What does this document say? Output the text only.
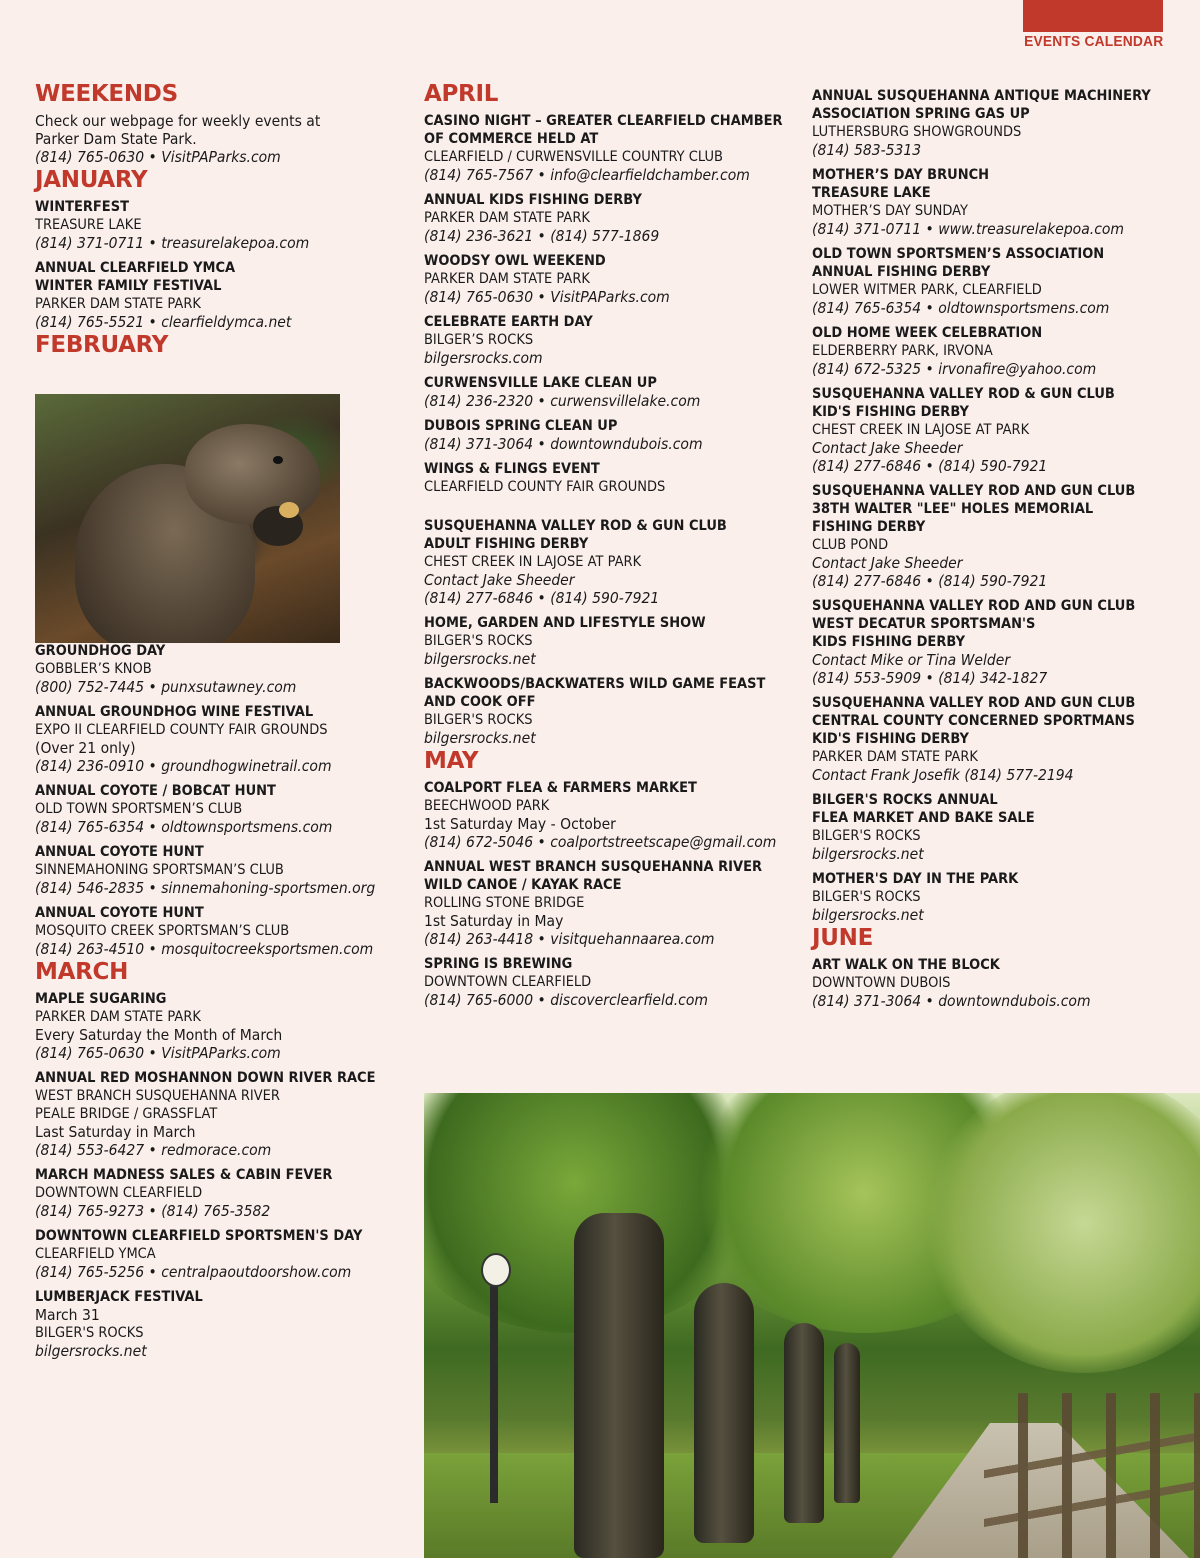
EVENTS CALENDAR
WEEKENDS
Check our webpage for weekly events at
Parker Dam State Park.
(814) 765-0630 • VisitPAParks.com
JANUARY
WINTERFEST
TREASURE LAKE
(814) 371-0711 • treasurelakepoa.com
ANNUAL CLEARFIELD YMCA
WINTER FAMILY FESTIVAL
PARKER DAM STATE PARK
(814) 765-5521 • clearfieldymca.net
FEBRUARY
GROUNDHOG DAY
GOBBLER’S KNOB
(800) 752-7445 • punxsutawney.com
ANNUAL GROUNDHOG WINE FESTIVAL
EXPO II CLEARFIELD COUNTY FAIR GROUNDS
(Over 21 only)
(814) 236-0910 • groundhogwinetrail.com
ANNUAL COYOTE / BOBCAT HUNT
OLD TOWN SPORTSMEN’S CLUB
(814) 765-6354 • oldtownsportsmens.com
ANNUAL COYOTE HUNT
SINNEMAHONING SPORTSMAN’S CLUB
(814) 546-2835 • sinnemahoning-sportsmen.org
ANNUAL COYOTE HUNT
MOSQUITO CREEK SPORTSMAN’S CLUB
(814) 263-4510 • mosquitocreeksportsmen.com
MARCH
MAPLE SUGARING
PARKER DAM STATE PARK
Every Saturday the Month of March
(814) 765-0630 • VisitPAParks.com
ANNUAL RED MOSHANNON DOWN RIVER RACE
WEST BRANCH SUSQUEHANNA RIVER
PEALE BRIDGE / GRASSFLAT
Last Saturday in March
(814) 553-6427 • redmorace.com
MARCH MADNESS SALES & CABIN FEVER
DOWNTOWN CLEARFIELD
(814) 765-9273 • (814) 765-3582
DOWNTOWN CLEARFIELD SPORTSMEN'S DAY
CLEARFIELD YMCA
(814) 765-5256 • centralpaoutdoorshow.com
LUMBERJACK FESTIVAL
March 31
BILGER'S ROCKS
bilgersrocks.net
APRIL
CASINO NIGHT – GREATER CLEARFIELD CHAMBER
OF COMMERCE HELD AT
CLEARFIELD / CURWENSVILLE COUNTRY CLUB
(814) 765-7567 • info@clearfieldchamber.com
ANNUAL KIDS FISHING DERBY
PARKER DAM STATE PARK
(814) 236-3621 • (814) 577-1869
WOODSY OWL WEEKEND
PARKER DAM STATE PARK
(814) 765-0630 • VisitPAParks.com
CELEBRATE EARTH DAY
BILGER’S ROCKS
bilgersrocks.com
CURWENSVILLE LAKE CLEAN UP
(814) 236-2320 • curwensvillelake.com
DUBOIS SPRING CLEAN UP
(814) 371-3064 • downtowndubois.com
WINGS & FLINGS EVENT
CLEARFIELD COUNTY FAIR GROUNDS
SUSQUEHANNA VALLEY ROD & GUN CLUB
ADULT FISHING DERBY
CHEST CREEK IN LAJOSE AT PARK
Contact Jake Sheeder
(814) 277-6846 • (814) 590-7921
HOME, GARDEN AND LIFESTYLE SHOW
BILGER'S ROCKS
bilgersrocks.net
BACKWOODS/BACKWATERS WILD GAME FEAST
AND COOK OFF
BILGER'S ROCKS
bilgersrocks.net
MAY
COALPORT FLEA & FARMERS MARKET
BEECHWOOD PARK
1st Saturday May - October
(814) 672-5046 • coalportstreetscape@gmail.com
ANNUAL WEST BRANCH SUSQUEHANNA RIVER
WILD CANOE / KAYAK RACE
ROLLING STONE BRIDGE
1st Saturday in May
(814) 263-4418 • visitquehannaarea.com
SPRING IS BREWING
DOWNTOWN CLEARFIELD
(814) 765-6000 • discoverclearfield.com
ANNUAL SUSQUEHANNA ANTIQUE MACHINERY
ASSOCIATION SPRING GAS UP
LUTHERSBURG SHOWGROUNDS
(814) 583-5313
MOTHER’S DAY BRUNCH
TREASURE LAKE
MOTHER’S DAY SUNDAY
(814) 371-0711 • www.treasurelakepoa.com
OLD TOWN SPORTSMEN’S ASSOCIATION
ANNUAL FISHING DERBY
LOWER WITMER PARK, CLEARFIELD
(814) 765-6354 • oldtownsportsmens.com
OLD HOME WEEK CELEBRATION
ELDERBERRY PARK, IRVONA
(814) 672-5325 • irvonafire@yahoo.com
SUSQUEHANNA VALLEY ROD & GUN CLUB
KID'S FISHING DERBY
CHEST CREEK IN LAJOSE AT PARK
Contact Jake Sheeder
(814) 277-6846 • (814) 590-7921
SUSQUEHANNA VALLEY ROD AND GUN CLUB
38TH WALTER "LEE" HOLES MEMORIAL
FISHING DERBY
CLUB POND
Contact Jake Sheeder
(814) 277-6846 • (814) 590-7921
SUSQUEHANNA VALLEY ROD AND GUN CLUB
WEST DECATUR SPORTSMAN'S
KIDS FISHING DERBY
Contact Mike or Tina Welder
(814) 553-5909 • (814) 342-1827
SUSQUEHANNA VALLEY ROD AND GUN CLUB
CENTRAL COUNTY CONCERNED SPORTMANS
KID'S FISHING DERBY
PARKER DAM STATE PARK
Contact Frank Josefik (814) 577-2194
BILGER'S ROCKS ANNUAL
FLEA MARKET AND BAKE SALE
BILGER'S ROCKS
bilgersrocks.net
MOTHER'S DAY IN THE PARK
BILGER'S ROCKS
bilgersrocks.net
JUNE
ART WALK ON THE BLOCK
DOWNTOWN DUBOIS
(814) 371-3064 • downtowndubois.com
